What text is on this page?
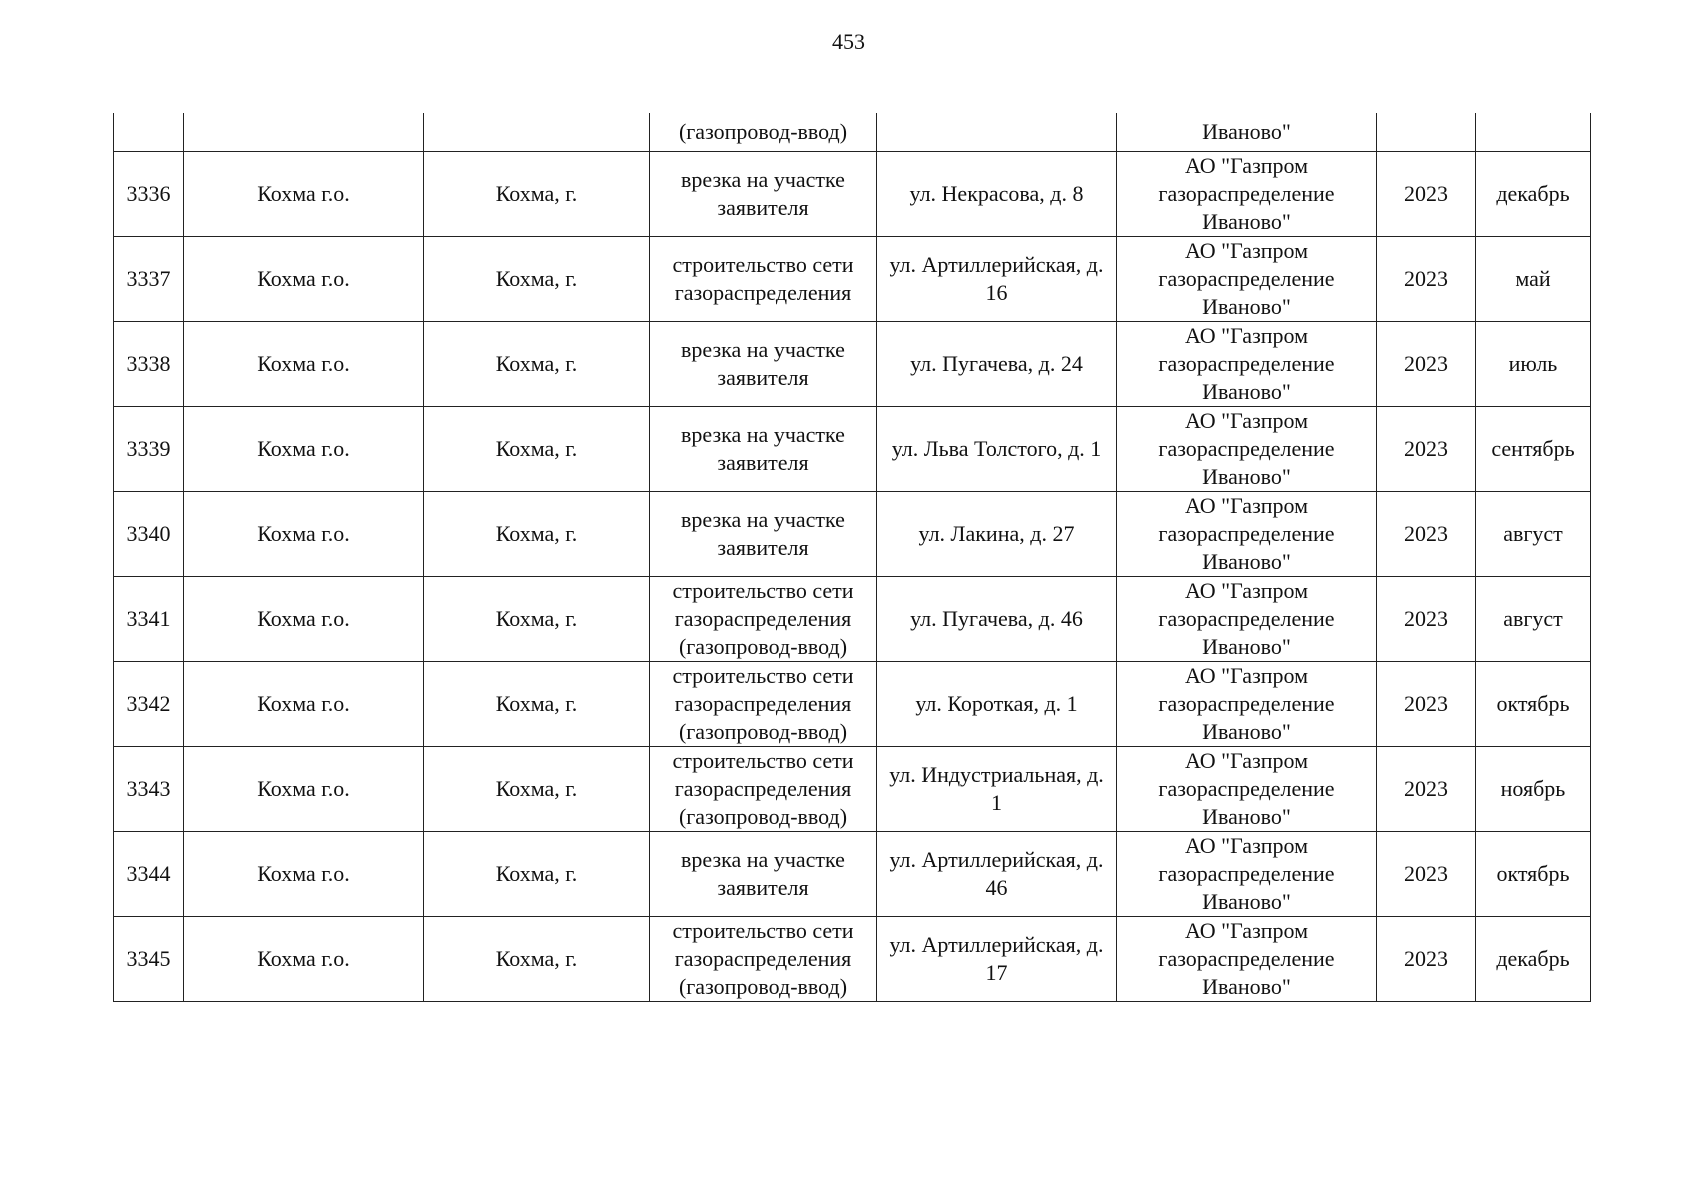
453
			(газопровод-ввод)		Иваново"		
3336	Кохма г.о.	Кохма, г.	врезка на участке заявителя	ул. Некрасова, д. 8	АО "Газпром газораспределение Иваново"	2023	декабрь
3337	Кохма г.о.	Кохма, г.	строительство сети газораспределения	ул. Артиллерийская, д. 16	АО "Газпром газораспределение Иваново"	2023	май
3338	Кохма г.о.	Кохма, г.	врезка на участке заявителя	ул. Пугачева, д. 24	АО "Газпром газораспределение Иваново"	2023	июль
3339	Кохма г.о.	Кохма, г.	врезка на участке заявителя	ул. Льва Толстого, д. 1	АО "Газпром газораспределение Иваново"	2023	сентябрь
3340	Кохма г.о.	Кохма, г.	врезка на участке заявителя	ул. Лакина, д. 27	АО "Газпром газораспределение Иваново"	2023	август
3341	Кохма г.о.	Кохма, г.	строительство сети газораспределения (газопровод-ввод)	ул. Пугачева, д. 46	АО "Газпром газораспределение Иваново"	2023	август
3342	Кохма г.о.	Кохма, г.	строительство сети газораспределения (газопровод-ввод)	ул. Короткая, д. 1	АО "Газпром газораспределение Иваново"	2023	октябрь
3343	Кохма г.о.	Кохма, г.	строительство сети газораспределения (газопровод-ввод)	ул. Индустриальная, д. 1	АО "Газпром газораспределение Иваново"	2023	ноябрь
3344	Кохма г.о.	Кохма, г.	врезка на участке заявителя	ул. Артиллерийская, д. 46	АО "Газпром газораспределение Иваново"	2023	октябрь
3345	Кохма г.о.	Кохма, г.	строительство сети газораспределения (газопровод-ввод)	ул. Артиллерийская, д. 17	АО "Газпром газораспределение Иваново"	2023	декабрь
